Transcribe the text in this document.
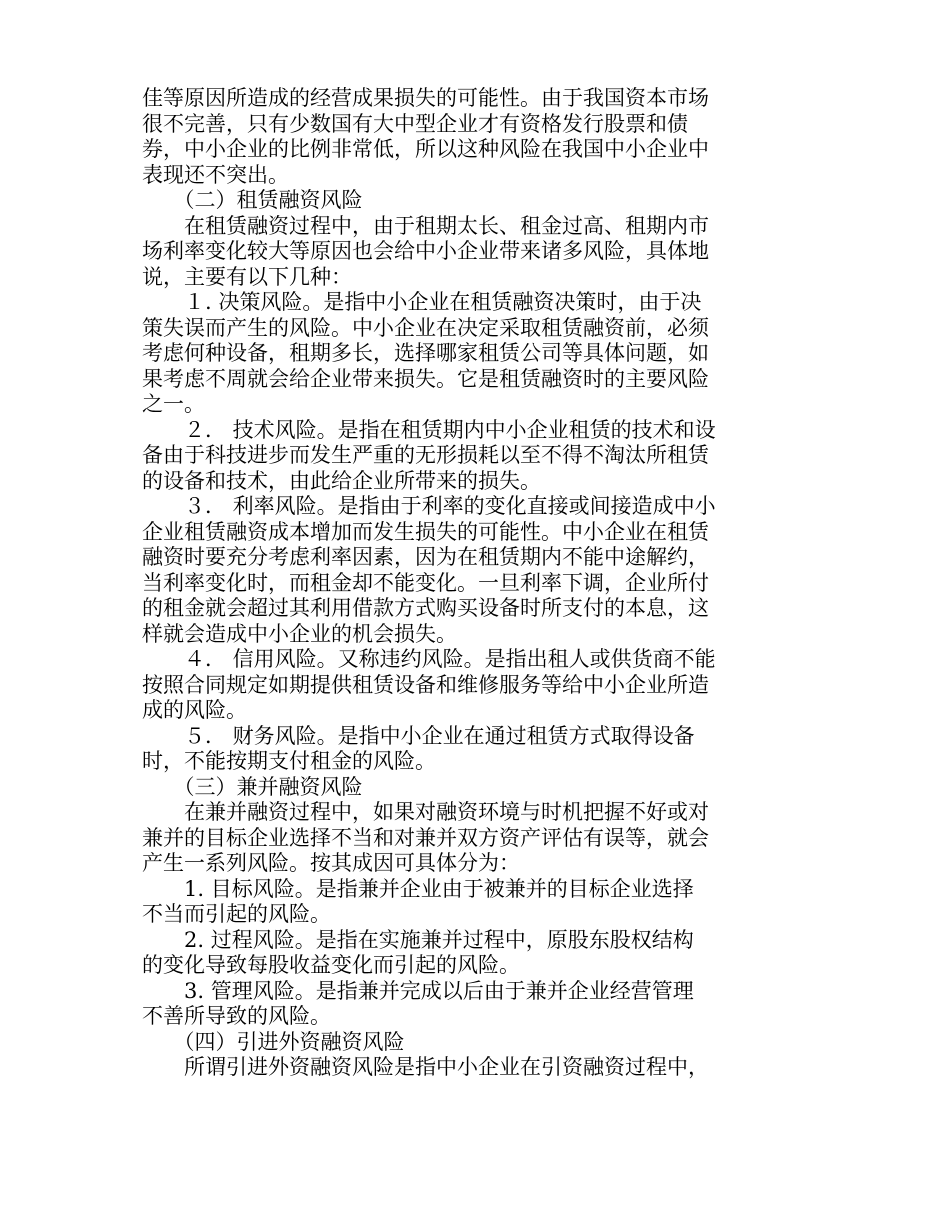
佳等原因所造成的经营成果损失的可能性。由于我国资本市场
很不完善，只有少数国有大中型企业才有资格发行股票和债
券，中小企业的比例非常低，所以这种风险在我国中小企业中
表现还不突出。
　　（二）租赁融资风险
　　在租赁融资过程中，由于租期太长、租金过高、租期内市
场利率变化较大等原因也会给中小企业带来诸多风险，具体地
说，主要有以下几种：
　　１. 决策风险。是指中小企业在租赁融资决策时，由于决
策失误而产生的风险。中小企业在决定采取租赁融资前，必须
考虑何种设备，租期多长，选择哪家租赁公司等具体问题，如
果考虑不周就会给企业带来损失。它是租赁融资时的主要风险
之一。
　　２． 技术风险。是指在租赁期内中小企业租赁的技术和设
备由于科技进步而发生严重的无形损耗以至不得不淘汰所租赁
的设备和技术，由此给企业所带来的损失。
　　３． 利率风险。是指由于利率的变化直接或间接造成中小
企业租赁融资成本增加而发生损失的可能性。中小企业在租赁
融资时要充分考虑利率因素，因为在租赁期内不能中途解约，
当利率变化时，而租金却不能变化。一旦利率下调，企业所付
的租金就会超过其利用借款方式购买设备时所支付的本息，这
样就会造成中小企业的机会损失。
　　４． 信用风险。又称违约风险。是指出租人或供货商不能
按照合同规定如期提供租赁设备和维修服务等给中小企业所造
成的风险。
　　５． 财务风险。是指中小企业在通过租赁方式取得设备
时，不能按期支付租金的风险。
　　（三）兼并融资风险
　　在兼并融资过程中，如果对融资环境与时机把握不好或对
兼并的目标企业选择不当和对兼并双方资产评估有误等，就会
产生一系列风险。按其成因可具体分为：
　　1. 目标风险。是指兼并企业由于被兼并的目标企业选择
不当而引起的风险。
　　2. 过程风险。是指在实施兼并过程中，原股东股权结构
的变化导致每股收益变化而引起的风险。
　　3. 管理风险。是指兼并完成以后由于兼并企业经营管理
不善所导致的风险。
　　（四）引进外资融资风险
　　所谓引进外资融资风险是指中小企业在引资融资过程中，
